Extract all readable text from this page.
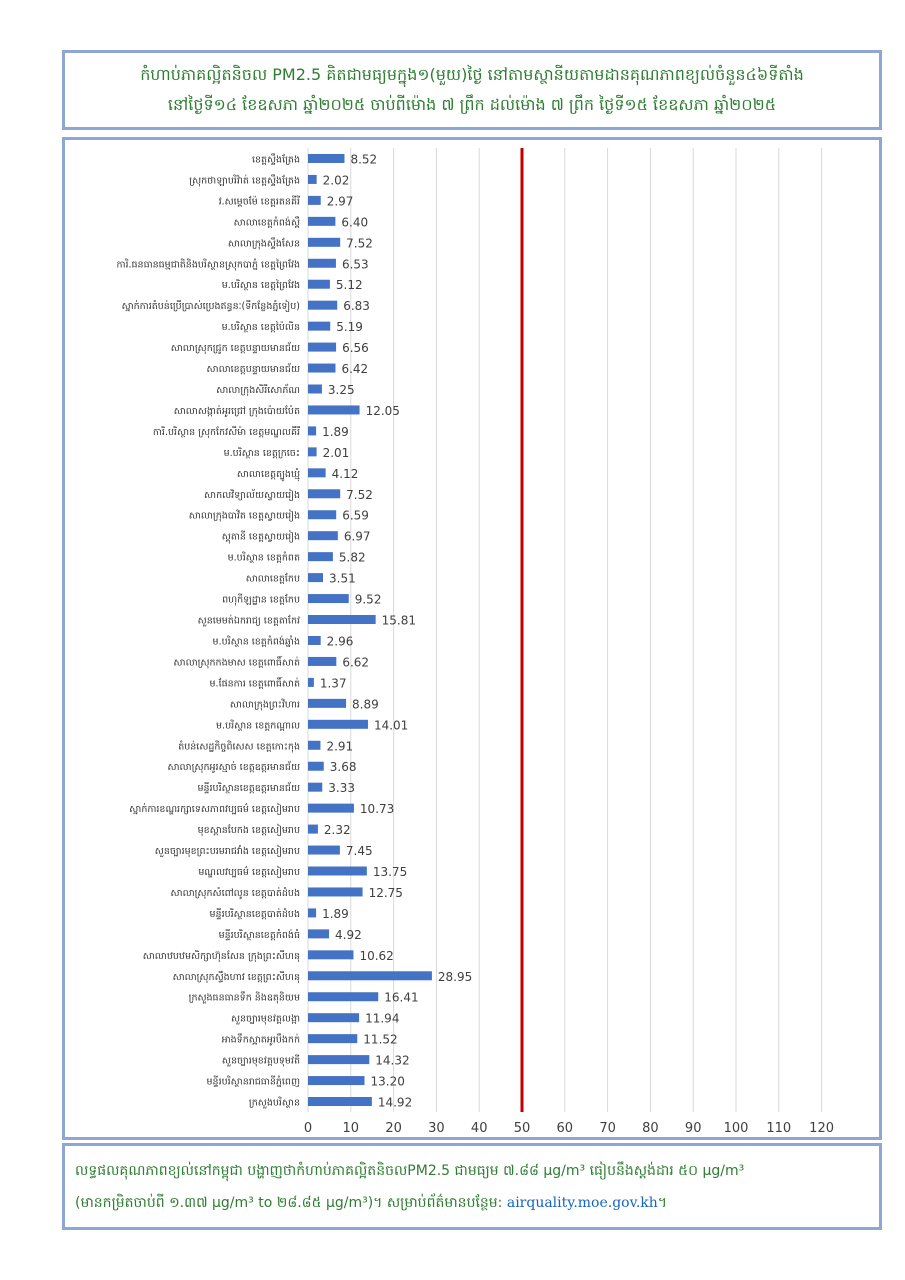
កំហាប់ភាគល្អិតនិចល PM2.5 គិតជាមធ្យមក្នុង១(មួយ)ថ្ងៃ នៅតាមស្ថានីយតាមដានគុណភាពខ្យល់ចំនួន៤៦ទីតាំង
នៅថ្ងៃទី១៤ ខែឧសភា ឆ្នាំ២០២៥ ចាប់ពីម៉ោង ៧ ព្រឹក ដល់ម៉ោង ៧ ព្រឹក ថ្ងៃទី១៥ ខែឧសភា ឆ្នាំ២០២៥
0 10 20 30 40 50 60 70 80 90 100 110 120
ខេត្តស្ទឹងត្រែង	8.52
ស្រុកថាឡាបរិវ៉ាត់ ខេត្តស្ទឹងត្រែង 2.02
វ.សម្តេចម៉ែ ខេត្តរតនគីរី 2.97
សាលាខេត្តកំពង់ស្ពឺ	6.40
សាលាក្រុងស្ទឹងសែន	7.52
ការិ.ធនធានធម្មជាតិនិងបរិស្ថានស្រុកបាភ្នំ ខេត្តព្រៃវែង	6.53
ម.បរិស្ថាន ខេត្តព្រៃវែង	5.12
ស្នាក់ការតំបន់ប្រើប្រាស់ប្រេងឥន្ធនៈ(ទីកន្លែងភ្នំទៀប)	6.83
ម.បរិស្ថាន ខេត្តប៉ៃលិន	5.19
សាលាស្រុកជ្រូក ខេត្តបន្ទាយមានជ័យ	6.56
សាលាខេត្តបន្ទាយមានជ័យ	6.42
សាលាក្រុងសិរីសោភ័ណ 3.25
សាលាសង្កាត់អូរជ្រៅ ក្រុងប៉ោយប៉ែត	12.05
ការិ.បរិស្ថាន ស្រុកកែវសីម៉ា ខេត្តមណ្ឌលគីរី 1.89
ម.បរិស្ថាន ខេត្តក្រចេះ 2.01
សាលាខេត្តត្បូងឃ្មុំ	4.12
សាកលវិទ្យាល័យស្វាយរៀង	7.52
សាលាក្រុងបាវិត ខេត្តស្វាយរៀង	6.59
ស្តុតានី ខេត្តស្វាយរៀង	6.97
ម.បរិស្ថាន ខេត្តកំពត	5.82
សាលាខេត្តកែប 3.51
ពហុកីឡដ្ឋាន ខេត្តកែប	9.52
សួនមេមត់ឯករាជ្យ ខេត្តតាកែវ	15.81
ម.បរិស្ថាន ខេត្តកំពង់ឆ្នាំង 2.96
សាលាស្រុកកងមាស ខេត្តពោធិ៍សាត់	6.62
ម.ផែនការ ខេត្តពោធិ៍សាត់ 1.37
សាលាក្រុងព្រះវិហារ	8.89
ម.បរិស្ថាន ខេត្តកណ្តាល	14.01
តំបន់សេដ្ឋកិច្ចពិសេស ខេត្តកោះកុង 2.91
សាលាស្រុកអូរស្មាច់ ខេត្តឧត្តរមានជ័យ 3.68
មន្ទីរបរិស្ថានខេត្តឧត្តរមានជ័យ 3.33
ស្នាក់ការខណ្ឌរក្សាទេសភាពវប្បធម៌ ខេត្តសៀមរាប	10.73
មុខស្ពានបែកង ខេត្តសៀមរាប 2.32
សួនច្បារមុខព្រះបរមរាជវាំង ខេត្តសៀមរាប	7.45
មណ្ឌលវប្បធម៌ ខេត្តសៀមរាប	13.75
សាលាស្រុកសំពៅលូន ខេត្តបាត់ដំបង	12.75
មន្ទីរបរិស្ថានខេត្តបាត់ដំបង 1.89
មន្ទីរបរិស្ថានខេត្តកំពង់ធំ	4.92
សាលាឋបឋមសិក្សាហ៊ុនសែន ក្រុងព្រះសីហនុ	10.62
សាលាស្រុកស្ទឹងហាវ ខេត្តព្រះសីហនុ	28.95
ក្រសួងធនធានទឹក និងឧតុនិយម	16.41
សួនច្បារមុខវត្តលង្កា	11.94
អាងទឹកស្អាតអូរបឹងកក់	11.52
សួនច្បារមុខវត្តបទុមវតី	14.32
មន្ទីរបរិស្ថានរាជធានីភ្នំពេញ	13.20
ក្រសួងបរិស្ថាន	14.92
លទ្ធផលគុណភាពខ្យល់នៅកម្ពុជា បង្ហាញថាកំហាប់ភាគល្អិតនិចលPM2.5 ជាមធ្យម ៧.៨៨ µg/m³ ធៀបនឹងស្តង់ដារ ៥០ µg/m³
(មានកម្រិតចាប់ពី ១.៣៧ µg/m³ to ២៨.៨៥ µg/m³)។ សម្រាប់ព័ត៌មានបន្ថែម: airquality.moe.gov.kh។
